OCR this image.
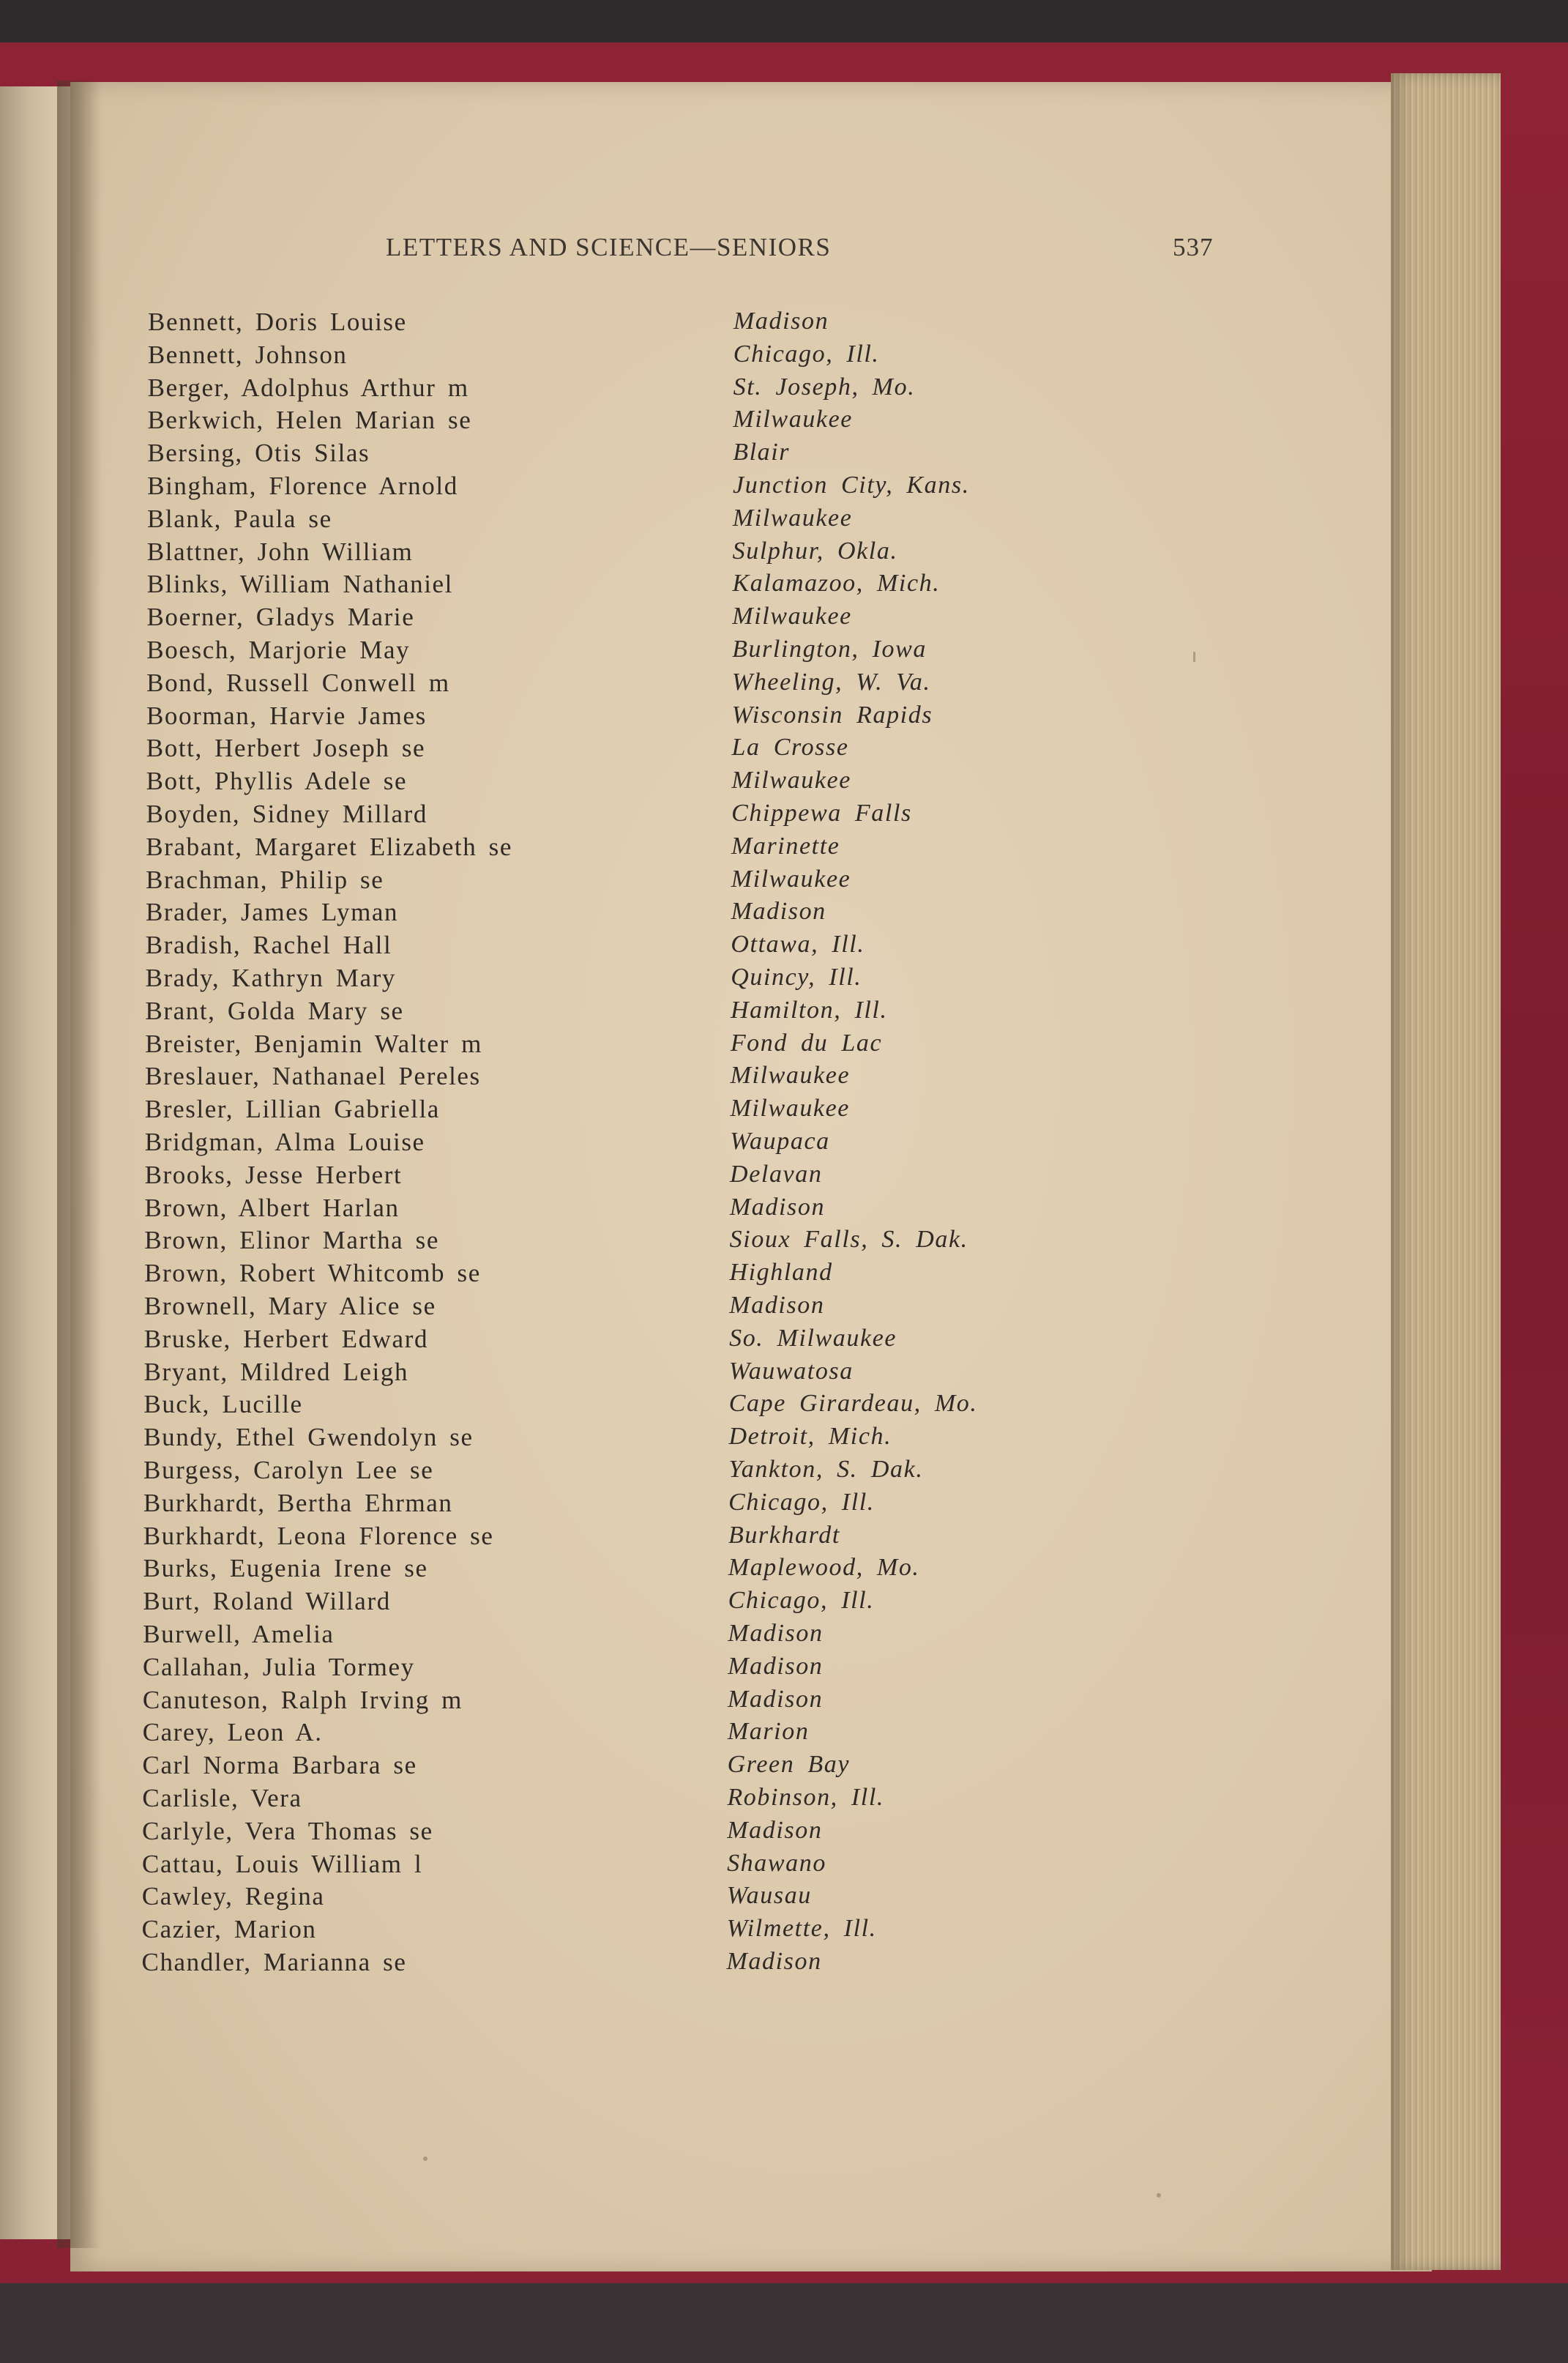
LETTERS AND SCIENCE—SENIORS	537
Bennett, Doris Louise	Madison
Bennett, Johnson	Chicago, Ill.
Berger, Adolphus Arthur m	St. Joseph, Mo.
Berkwich, Helen Marian se	Milwaukee
Bersing, Otis Silas	Blair
Bingham, Florence Arnold	Junction City, Kans.
Blank, Paula se	Milwaukee
Blattner, John William	Sulphur, Okla.
Blinks, William Nathaniel	Kalamazoo, Mich.
Boerner, Gladys Marie	Milwaukee
Boesch, Marjorie May	Burlington, Iowa
Bond, Russell Conwell m	Wheeling, W. Va.
Boorman, Harvie James	Wisconsin Rapids
Bott, Herbert Joseph se	La Crosse
Bott, Phyllis Adele se	Milwaukee
Boyden, Sidney Millard	Chippewa Falls
Brabant, Margaret Elizabeth se	Marinette
Brachman, Philip se	Milwaukee
Brader, James Lyman	Madison
Bradish, Rachel Hall	Ottawa, Ill.
Brady, Kathryn Mary	Quincy, Ill.
Brant, Golda Mary se	Hamilton, Ill.
Breister, Benjamin Walter m	Fond du Lac
Breslauer, Nathanael Pereles	Milwaukee
Bresler, Lillian Gabriella	Milwaukee
Bridgman, Alma Louise	Waupaca
Brooks, Jesse Herbert	Delavan
Brown, Albert Harlan	Madison
Brown, Elinor Martha se	Sioux Falls, S. Dak.
Brown, Robert Whitcomb se	Highland
Brownell, Mary Alice se	Madison
Bruske, Herbert Edward	So. Milwaukee
Bryant, Mildred Leigh	Wauwatosa
Buck, Lucille	Cape Girardeau, Mo.
Bundy, Ethel Gwendolyn se	Detroit, Mich.
Burgess, Carolyn Lee se	Yankton, S. Dak.
Burkhardt, Bertha Ehrman	Chicago, Ill.
Burkhardt, Leona Florence se	Burkhardt
Burks, Eugenia Irene se	Maplewood, Mo.
Burt, Roland Willard	Chicago, Ill.
Burwell, Amelia	Madison
Callahan, Julia Tormey	Madison
Canuteson, Ralph Irving m	Madison
Carey, Leon A.	Marion
Carl Norma Barbara se	Green Bay
Carlisle, Vera	Robinson, Ill.
Carlyle, Vera Thomas se	Madison
Cattau, Louis William l	Shawano
Cawley, Regina	Wausau
Cazier, Marion	Wilmette, Ill.
Chandler, Marianna se	Madison
